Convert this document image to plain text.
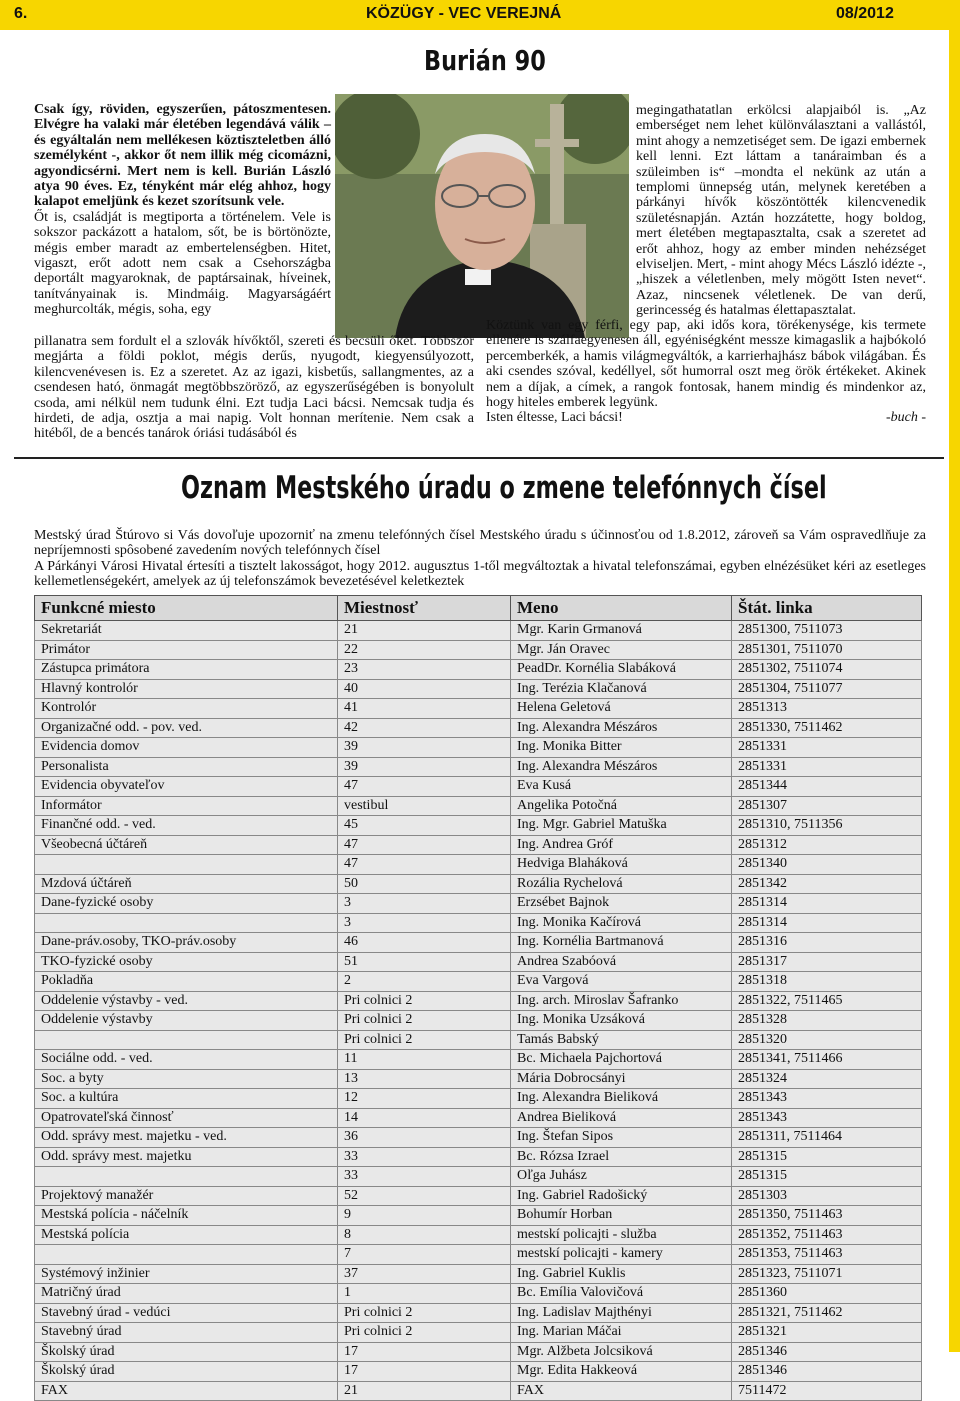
6.	KÖZÜGY - VEC VEREJNÁ	08/2012
Burián 90
Csak így, röviden, egyszerűen, pátoszmentesen. Elvégre ha valaki már életében legendává válik – és egyáltalán nem mellékesen köztiszteletben álló személyként -, akkor őt nem illik még cicomázni, agyondicsérni. Mert nem is kell. Burián László atya 90 éves. Ez, tényként már elég ahhoz, hogy kalapot emeljünk és kezet szorítsunk vele.
Őt is, családját is megtiporta a történelem. Vele is sokszor packázott a hatalom, sőt, be is börtönözte, mégis ember maradt az embertelenségben. Hitet, vigaszt, erőt adott nem csak a Csehországba deportált magyaroknak, de paptársainak, híveinek, tanítványainak is. Mindmáig. Magyarságáért meghurcolták, mégis, soha, egy
pillanatra sem fordult el a szlovák hívőktől, szereti és becsüli őket. Többször megjárta a földi poklot, mégis derűs, nyugodt, kiegyensúlyozott, kilencvenévesen is. Ez a szeretet. Az az igazi, kisbetűs, sallangmentes, az a csendesen ható, önmagát megtöbbszöröző, az egyszerűségében is bonyolult csoda, ami nélkül nem tudunk élni. Ezt tudja Laci bácsi. Nemcsak tudja és hirdeti, de adja, osztja a mai napig. Volt honnan merítenie. Nem csak a hitéből, de a bencés tanárok óriási tudásából és
megingathatatlan erkölcsi alapjaiból is. „Az emberséget nem lehet különválasztani a vallástól, mint ahogy a nemzetiséget sem. De igazi embernek kell lenni. Ezt láttam a tanáraimban és a szüleimben is“ –mondta el nekünk az után a templomi ünnepség után, melynek keretében a párkányi hívők köszöntötték kilencvenedik születésnapján. Aztán hozzátette, hogy boldog, mert életében megtapasztalta, csak a szeretet ad erőt ahhoz, hogy az ember minden nehézséget elviseljen. Mert, - mint ahogy Mécs László idézte -, „hiszek a véletlenben, mely mögött Isten nevet“. Azaz, nincsenek véletlenek. De van derű, gerincesség és hatalmas élettapasztalat.
Köztünk van egy férfi, egy pap, aki idős kora, törékenysége, kis termete ellenére is szálfaegyenesen áll, egyéniségként messze kimagaslik a hajbókoló percemberkék, a hamis világmegváltók, a karrierhajhász bábok világában. És aki csendes szóval, kedéllyel, sőt humorral oszt meg örök értékeket. Akinek nem a díjak, a címek, a rangok fontosak, hanem mindig és mindenkor az, hogy hiteles emberek legyünk.
Isten éltesse, Laci bácsi!	-buch -
Oznam Mestského úradu o zmene telefónnych čísel
Mestský úrad Štúrovo si Vás dovoľuje upozorniť na zmenu telefónných čísel Mestského úradu s účinnosťou od 1.8.2012, zároveň sa Vám ospravedlňuje za nepríjemnosti spôsobené zavedením nových telefónnych čísel
A Párkányi Városi Hivatal értesíti a tisztelt lakosságot, hogy 2012. augusztus 1-től megváltoztak a hivatal telefonszámai, egyben elnézésüket kéri az esetleges kellemetlenségekért, amelyek az új telefonszámok bevezetésével keletkeztek
Funkcné miesto	Miestnosť	Meno	Štát. linka
Sekretariát	21	Mgr. Karin Grmanová	2851300, 7511073
Primátor	22	Mgr. Ján Oravec	2851301, 7511070
Zástupca primátora	23	PeadDr. Kornélia Slabáková	2851302, 7511074
Hlavný kontrolór	40	Ing. Terézia Klačanová	2851304, 7511077
Kontrolór	41	Helena Geletová	2851313
Organizačné odd. - pov. ved.	42	Ing. Alexandra Mészáros	2851330, 7511462
Evidencia domov	39	Ing. Monika Bitter	2851331
Personalista	39	Ing. Alexandra Mészáros	2851331
Evidencia obyvateľov	47	Eva Kusá	2851344
Informátor	vestibul	Angelika Potočná	2851307
Finančné odd. - ved.	45	Ing. Mgr. Gabriel Matuška	2851310, 7511356
Všeobecná účtáreň	47	Ing. Andrea Gróf	2851312
	47	Hedviga Blaháková	2851340
Mzdová účtáreň	50	Rozália Rychelová	2851342
Dane-fyzické osoby	3	Erzsébet Bajnok	2851314
	3	Ing. Monika Kačírová	2851314
Dane-práv.osoby, TKO-práv.osoby	46	Ing. Kornélia Bartmanová	2851316
TKO-fyzické osoby	51	Andrea Szabóová	2851317
Pokladňa	2	Eva Vargová	2851318
Oddelenie výstavby - ved.	Pri colnici 2	Ing. arch. Miroslav Šafranko	2851322, 7511465
Oddelenie výstavby	Pri colnici 2	Ing. Monika Uzsáková	2851328
	Pri colnici 2	Tamás Babský	2851320
Sociálne odd. - ved.	11	Bc. Michaela Pajchortová	2851341, 7511466
Soc. a byty	13	Mária Dobrocsányi	2851324
Soc. a kultúra	12	Ing. Alexandra Bieliková	2851343
Opatrovateľská činnosť	14	Andrea Bieliková	2851343
Odd. správy mest. majetku - ved.	36	Ing. Štefan Sipos	2851311, 7511464
Odd. správy mest. majetku	33	Bc. Rózsa Izrael	2851315
	33	Oľga Juhász	2851315
Projektový manažér	52	Ing. Gabriel Radošický	2851303
Mestská polícia - náčelník	9	Bohumír Horban	2851350, 7511463
Mestská polícia	8	mestskí policajti - služba	2851352, 7511463
	7	mestskí policajti - kamery	2851353, 7511463
Systémový inžinier	37	Ing. Gabriel Kuklis	2851323, 7511071
Matričný úrad	1	Bc. Emília Valovičová	2851360
Stavebný úrad - vedúci	Pri colnici 2	Ing. Ladislav Majthényi	2851321, 7511462
Stavebný úrad	Pri colnici 2	Ing. Marian Máčai	2851321
Školský úrad	17	Mgr. Alžbeta Jolcsiková	2851346
Školský úrad	17	Mgr. Edita Hakkeová	2851346
FAX	21	FAX	7511472
